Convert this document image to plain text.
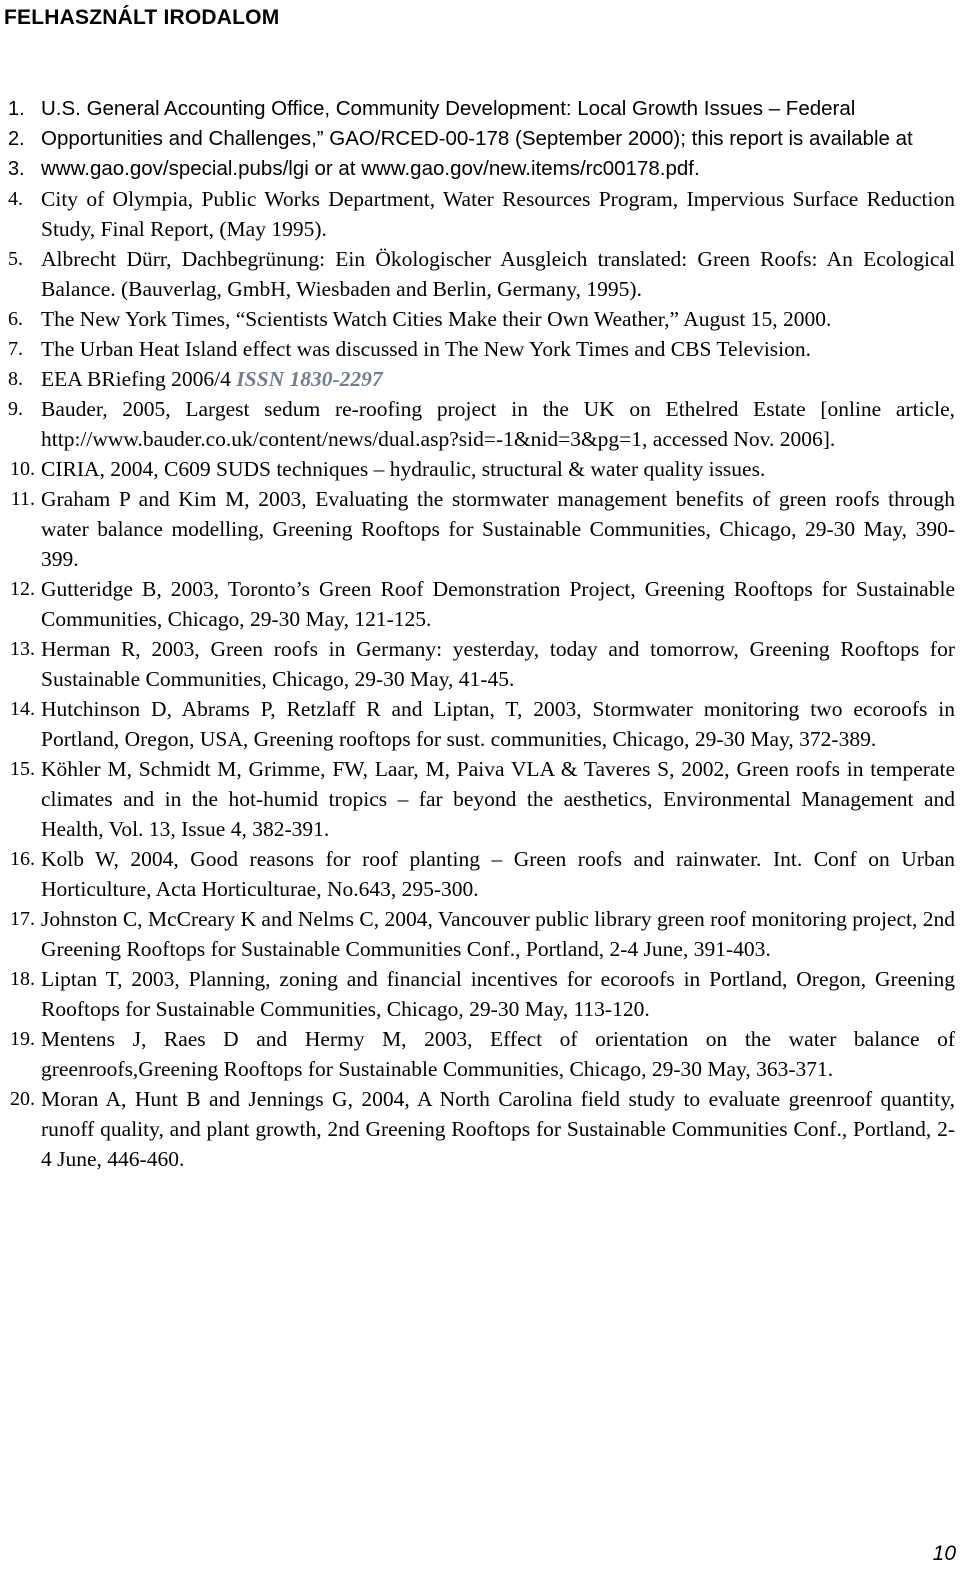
FELHASZNÁLT IRODALOM
1. U.S. General Accounting Office, Community Development: Local Growth Issues – Federal
2. Opportunities and Challenges,” GAO/RCED-00-178 (September 2000); this report is available at
3. www.gao.gov/special.pubs/lgi or at www.gao.gov/new.items/rc00178.pdf.
4. City of Olympia, Public Works Department, Water Resources Program, Impervious Surface Reduction Study, Final Report, (May 1995).
5. Albrecht Dürr, Dachbegrünung: Ein Ökologischer Ausgleich translated: Green Roofs: An Ecological Balance. (Bauverlag, GmbH, Wiesbaden and Berlin, Germany, 1995).
6. The New York Times, “Scientists Watch Cities Make their Own Weather,” August 15, 2000.
7. The Urban Heat Island effect was discussed in The New York Times and CBS Television.
8. EEA BRiefing 2006/4 ISSN 1830-2297
9. Bauder, 2005, Largest sedum re-roofing project in the UK on Ethelred Estate [online article, http://www.bauder.co.uk/content/news/dual.asp?sid=-1&nid=3&pg=1, accessed Nov. 2006].
10. CIRIA, 2004, C609 SUDS techniques – hydraulic, structural & water quality issues.
11. Graham P and Kim M, 2003, Evaluating the stormwater management benefits of green roofs through water balance modelling, Greening Rooftops for Sustainable Communities, Chicago, 29-30 May, 390-399.
12. Gutteridge B, 2003, Toronto’s Green Roof Demonstration Project, Greening Rooftops for Sustainable Communities, Chicago, 29-30 May, 121-125.
13. Herman R, 2003, Green roofs in Germany: yesterday, today and tomorrow, Greening Rooftops for Sustainable Communities, Chicago, 29-30 May, 41-45.
14. Hutchinson D, Abrams P, Retzlaff R and Liptan, T, 2003, Stormwater monitoring two ecoroofs in Portland, Oregon, USA, Greening rooftops for sust. communities, Chicago, 29-30 May, 372-389.
15. Köhler M, Schmidt M, Grimme, FW, Laar, M, Paiva VLA & Taveres S, 2002, Green roofs in temperate climates and in the hot-humid tropics – far beyond the aesthetics, Environmental Management and Health, Vol. 13, Issue 4, 382-391.
16. Kolb W, 2004, Good reasons for roof planting – Green roofs and rainwater. Int. Conf on Urban Horticulture, Acta Horticulturae, No.643, 295-300.
17. Johnston C, McCreary K and Nelms C, 2004, Vancouver public library green roof monitoring project, 2nd Greening Rooftops for Sustainable Communities Conf., Portland, 2-4 June, 391-403.
18. Liptan T, 2003, Planning, zoning and financial incentives for ecoroofs in Portland, Oregon, Greening Rooftops for Sustainable Communities, Chicago, 29-30 May, 113-120.
19. Mentens J, Raes D and Hermy M, 2003, Effect of orientation on the water balance of greenroofs,Greening Rooftops for Sustainable Communities, Chicago, 29-30 May, 363-371.
20. Moran A, Hunt B and Jennings G, 2004, A North Carolina field study to evaluate greenroof quantity, runoff quality, and plant growth, 2nd Greening Rooftops for Sustainable Communities Conf., Portland, 2-4 June, 446-460.
10
